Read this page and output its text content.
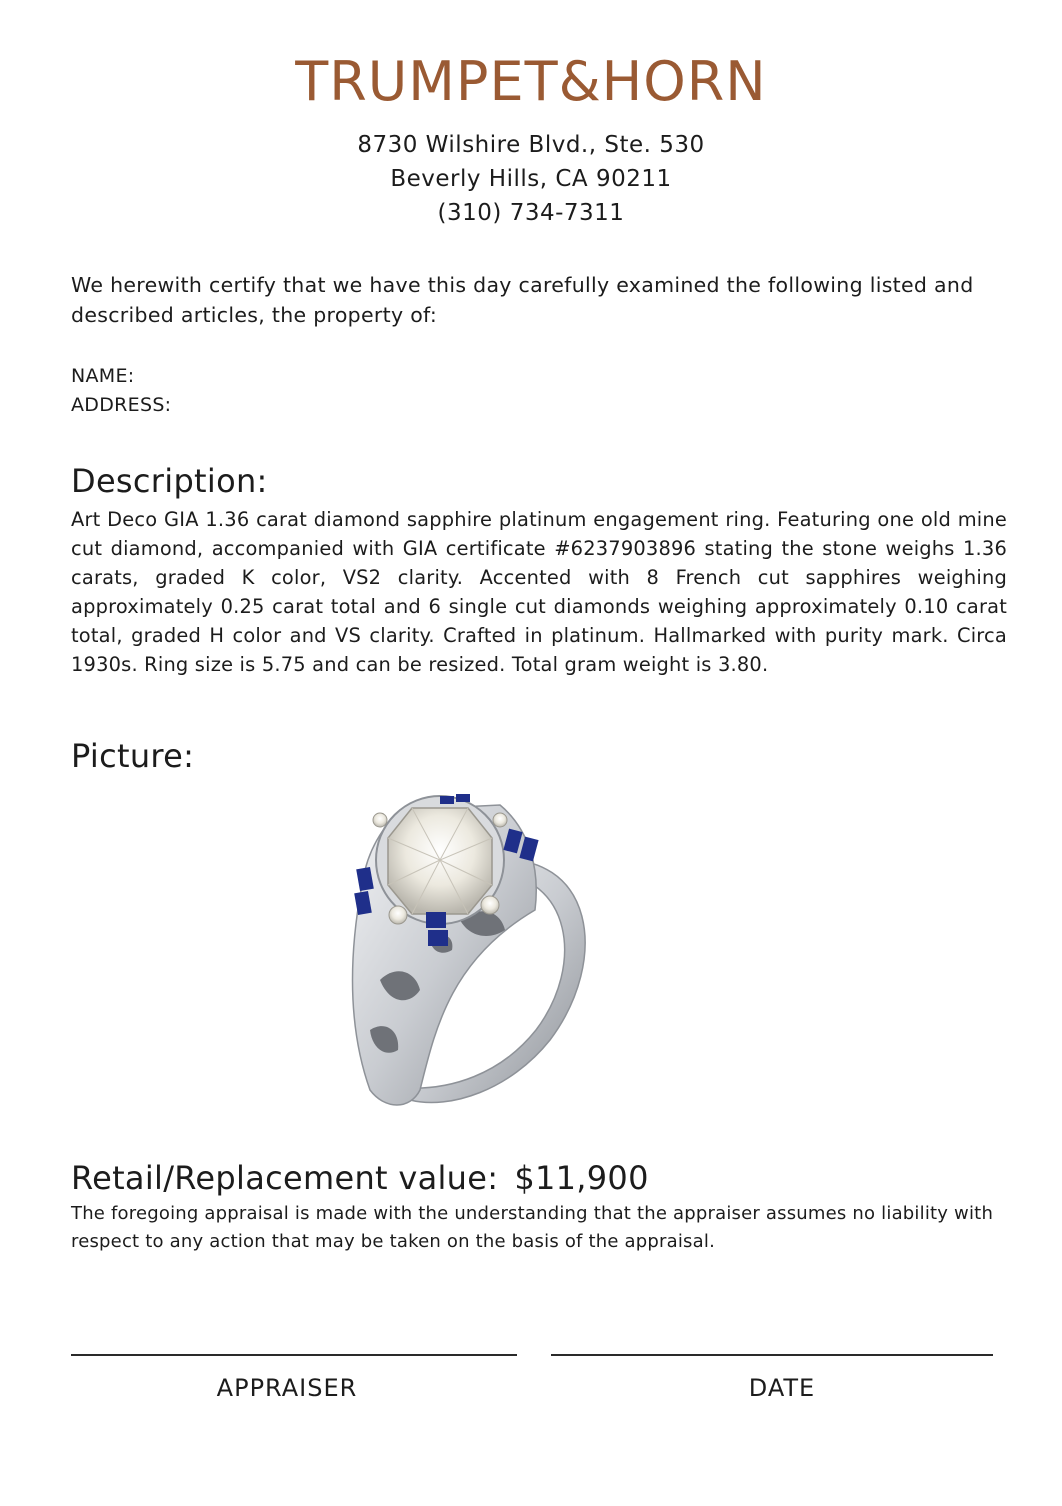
TRUMPET&HORN
8730 Wilshire Blvd., Ste. 530
Beverly Hills, CA 90211
(310) 734-7311
We herewith certify that we have this day carefully examined the following listed and described articles, the property of:
NAME:
ADDRESS:
Description:
Art Deco GIA 1.36 carat diamond sapphire platinum engagement ring. Featuring one old mine cut diamond, accompanied with GIA certificate #6237903896 stating the stone weighs 1.36 carats, graded K color, VS2 clarity. Accented with 8 French cut sapphires weighing approximately 0.25 carat total and 6 single cut diamonds weighing approximately 0.10 carat total, graded H color and VS clarity. Crafted in platinum. Hallmarked with purity mark. Circa 1930s. Ring size is 5.75 and can be resized. Total gram weight is 3.80.
Picture:
Retail/Replacement value: $11,900
The foregoing appraisal is made with the understanding that the appraiser assumes no liability with respect to any action that may be taken on the basis of the appraisal.
APPRAISER	DATE
